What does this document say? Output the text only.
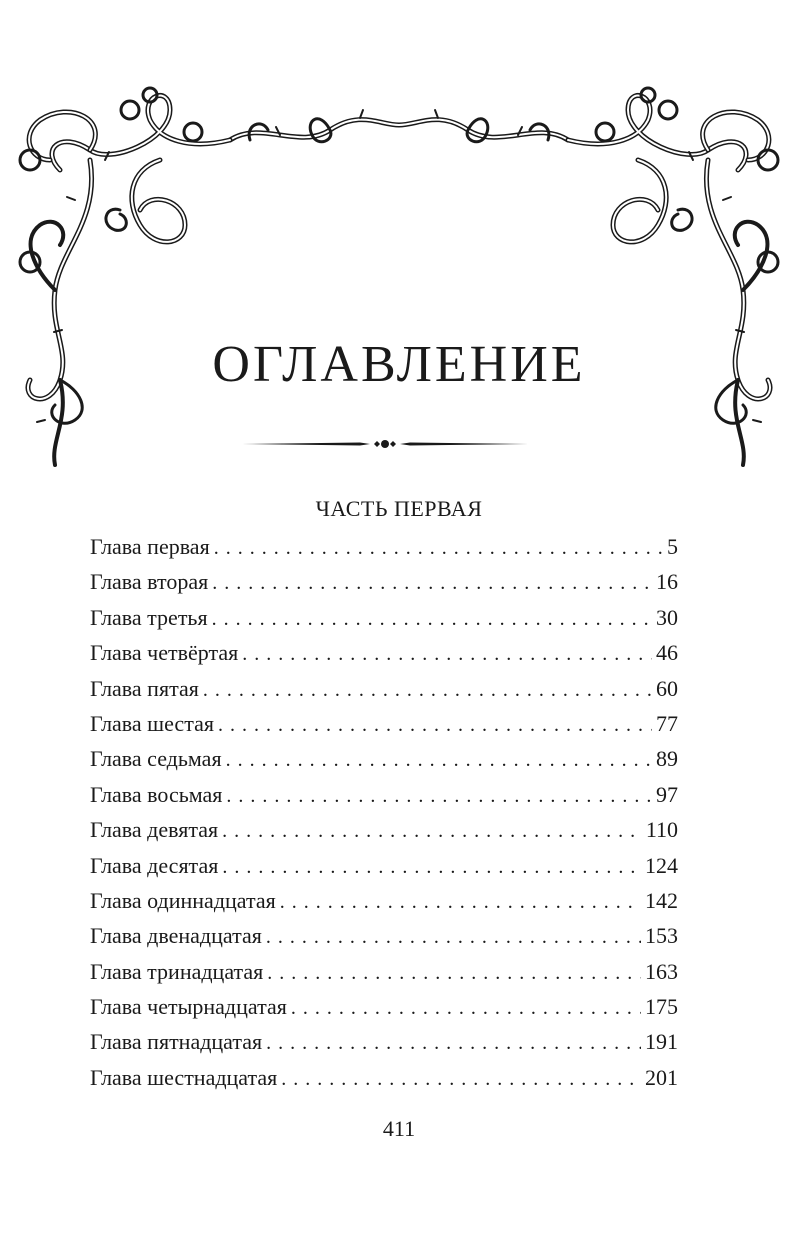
ОГЛАВЛЕНИЕ
ЧАСТЬ ПЕРВАЯ
Глава первая . . .	5
Глава вторая . . .	16
Глава третья . . .	30
Глава четвёртая . . .	46
Глава пятая . . .	60
Глава шестая . . .	77
Глава седьмая . . .	89
Глава восьмая . . .	97
Глава девятая . . .	110
Глава десятая . . .	124
Глава одиннадцатая . . .	142
Глава двенадцатая . . .	153
Глава тринадцатая . . .	163
Глава четырнадцатая . . .	175
Глава пятнадцатая . . .	191
Глава шестнадцатая . . .	201
411
